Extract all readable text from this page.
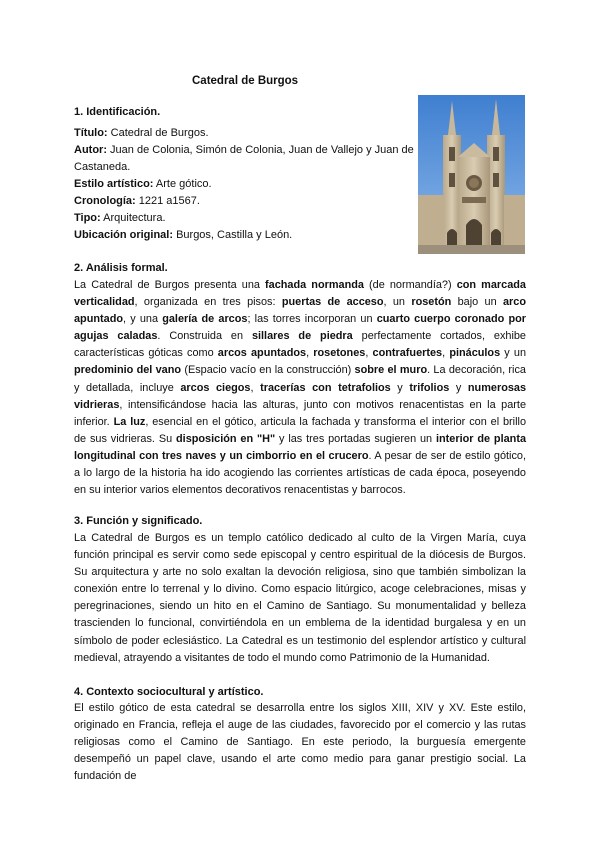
Catedral de Burgos
1. Identificación.
Título: Catedral de Burgos.
Autor: Juan de Colonia, Simón de Colonia, Juan de Vallejo y Juan de Castaneda.
Estilo artístico: Arte gótico.
Cronología: 1221 a1567.
Tipo: Arquitectura.
Ubicación original: Burgos, Castilla y León.
2. Análisis formal.

La Catedral de Burgos presenta una fachada normanda (de normandía?) con marcada verticalidad, organizada en tres pisos: puertas de acceso, un rosetón bajo un arco apuntado, y una galería de arcos; las torres incorporan un cuarto cuerpo coronado por agujas caladas. Construida en sillares de piedra perfectamente cortados, exhibe características góticas como arcos apuntados, rosetones, contrafuertes, pináculos y un predominio del vano (Espacio vacío en la construcción) sobre el muro. La decoración, rica y detallada, incluye arcos ciegos, tracerías con tetrafolios y trifolios y numerosas vidrieras, intensificándose hacia las alturas, junto con motivos renacentistas en la parte inferior. La luz, esencial en el gótico, articula la fachada y transforma el interior con el brillo de sus vidrieras. Su disposición en "H" y las tres portadas sugieren un interior de planta longitudinal con tres naves y un cimborrio en el crucero. A pesar de ser de estilo gótico, a lo largo de la historia ha ido acogiendo las corrientes artísticas de cada época, poseyendo en su interior varios elementos decorativos renacentistas y barrocos.

3. Función y significado.

La Catedral de Burgos es un templo católico dedicado al culto de la Virgen María, cuya función principal es servir como sede episcopal y centro espiritual de la diócesis de Burgos. Su arquitectura y arte no solo exaltan la devoción religiosa, sino que también simbolizan la conexión entre lo terrenal y lo divino. Como espacio litúrgico, acoge celebraciones, misas y peregrinaciones, siendo un hito en el Camino de Santiago. Su monumentalidad y belleza trascienden lo funcional, convirtiéndola en un emblema de la identidad burgalesa y en un símbolo de poder eclesiástico. La Catedral es un testimonio del esplendor artístico y cultural medieval, atrayendo a visitantes de todo el mundo como Patrimonio de la Humanidad.

4. Contexto sociocultural y artístico.

El estilo gótico de esta catedral se desarrolla entre los siglos XIII, XIV y XV. Este estilo, originado en Francia, refleja el auge de las ciudades, favorecido por el comercio y las rutas religiosas como el Camino de Santiago. En este periodo, la burguesía emergente desempeñó un papel clave, usando el arte como medio para ganar prestigio social. La fundación de
